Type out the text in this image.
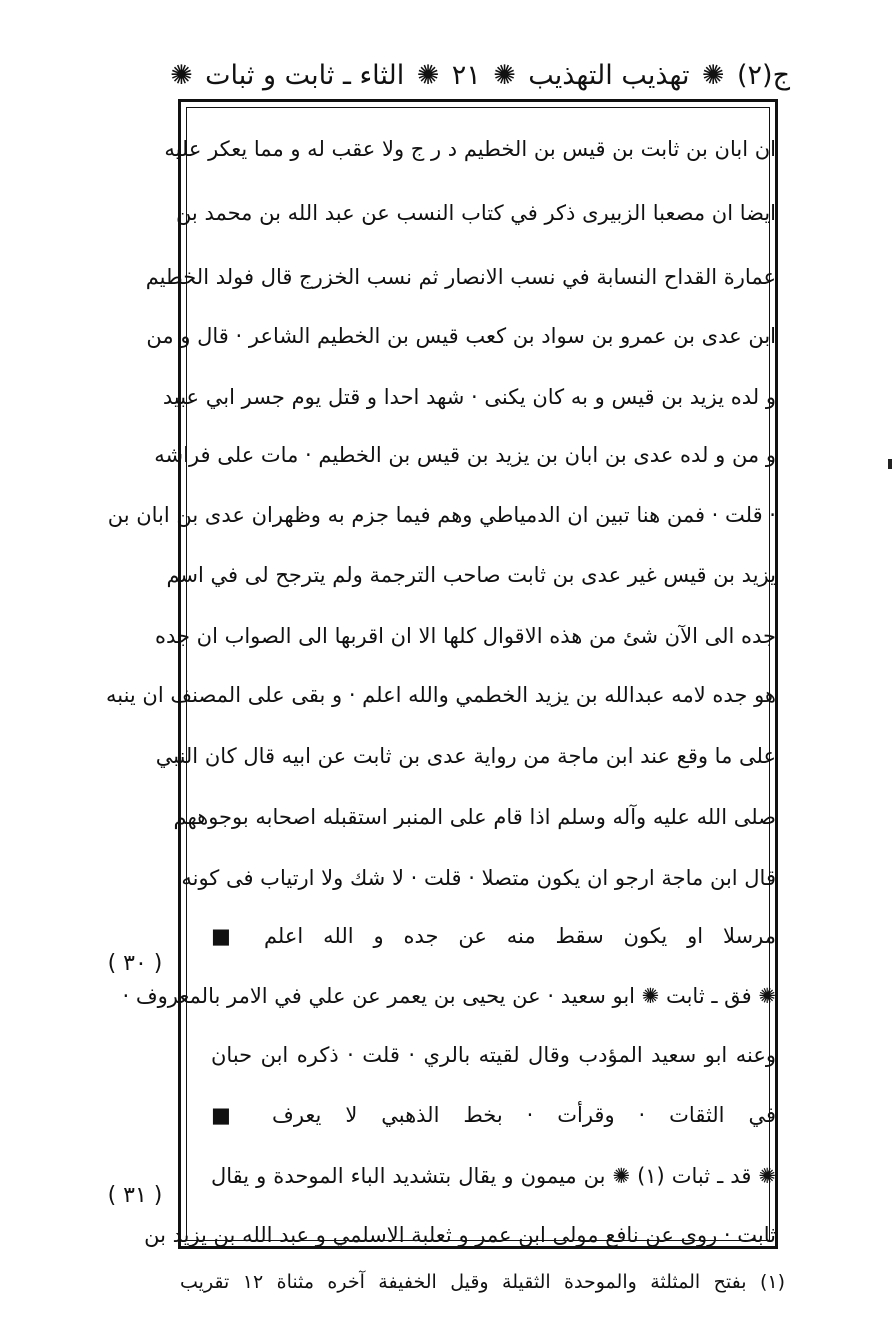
ج(٢)
✺
تهذيب التهذيب
✺
٢١
✺
الثاء ـ ثابت و ثبات
✺
ان ابان بن ثابت بن قيس بن الخطيم د ر ج ولا عقب له و مما يعكر عليه
ايضا ان مصعبا الزبيرى ذكر في كتاب النسب عن عبد الله بن محمد بن
عمارة القداح النسابة في نسب الانصار ثم نسب الخزرج قال فولد الخطيم
ابن عدى بن عمرو بن سواد بن كعب قيس بن الخطيم الشاعر · قال و من
و لده يزيد بن قيس و به كان يكنى · شهد احدا و قتل يوم جسر ابي عبيد
و من و لده عدى بن ابان بن يزيد بن قيس بن الخطيم · مات على فراشه
· قلت · فمن هنا تبين ان الدمياطي وهم فيما جزم به وظهران عدى بن ابان بن
يزيد بن قيس غير عدى بن ثابت صاحب الترجمة ولم يترجح لى في اسم
جده الى الآن شئ من هذه الاقوال كلها الا ان اقربها الى الصواب ان جده
هو جده لامه عبدالله بن يزيد الخطمي والله اعلم · و بقى على المصنف ان ينبه
على ما وقع عند ابن ماجة من رواية عدى بن ثابت عن ابيه قال كان النبي
صلى الله عليه وآله وسلم اذا قام على المنبر استقبله اصحابه بوجوههم
قال ابن ماجة ارجو ان يكون متصلا · قلت · لا شك ولا ارتياب فى كونه
مرسلا او يكون سقط منه عن جده و الله اعلم ■
✺ فق ـ ثابت ✺ ابو سعيد · عن يحيى بن يعمر عن علي في الامر بالمعروف ·
وعنه ابو سعيد المؤدب وقال لقيته بالري · قلت · ذكره ابن حبان
في الثقات · وقرأت · بخط الذهبي لا يعرف ■
✺ قد ـ ثبات (١) ✺ بن ميمون و يقال بتشديد الباء الموحدة و يقال
ثابت · روى عن نافع مولى ابن عمر و ثعلبة الاسلمي و عبد الله بن يزيد بن
( ٣٠ )
( ٣١ )
(١) بفتح المثلثة والموحدة الثقيلة وقيل الخفيفة آخره مثناة ١٢ تقريب
